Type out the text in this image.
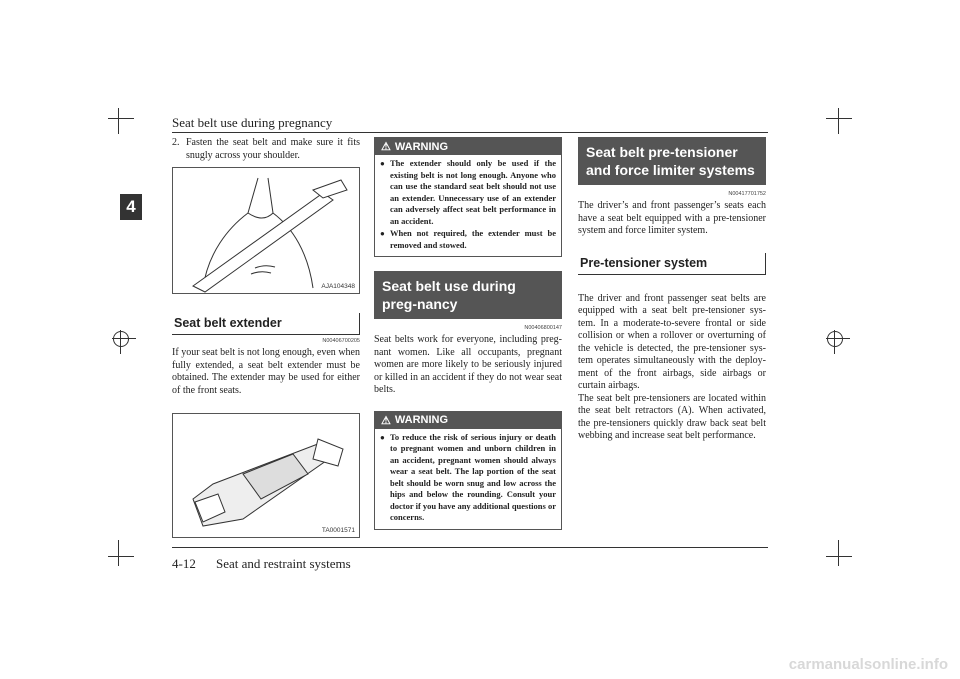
Seat belt use during pregnancy
4
2. Fasten the seat belt and make sure it fits snugly across your shoulder.
AJA104348
Seat belt extender
N00406700205

If your seat belt is not long enough, even when fully extended, a seat belt extender must be obtained. The extender may be used for either of the front seats.

TA0001571
⚠ WARNING
● The extender should only be used if the existing belt is not long enough. Anyone who can use the standard seat belt should not use an extender. Unnecessary use of an extender can adversely affect seat belt performance in an accident.
● When not required, the extender must be removed and stowed.
Seat belt use during preg-nancy
N00406800147

Seat belts work for everyone, including preg-nant women. Like all occupants, pregnant women are more likely to be seriously injured or killed in an accident if they do not wear seat belts.

⚠ WARNING
● To reduce the risk of serious injury or death to pregnant women and unborn children in an accident, pregnant women should always wear a seat belt. The lap portion of the seat belt should be worn snug and low across the hips and below the rounding. Consult your doctor if you have any additional questions or concerns.
Seat belt pre-tensioner and force limiter systems
N00417701752

The driver’s and front passenger’s seats each have a seat belt equipped with a pre-tensioner system and force limiter system.

Pre-tensioner system

The driver and front passenger seat belts are equipped with a seat belt pre-tensioner sys-tem. In a moderate-to-severe frontal or side collision or when a rollover or overturning of the vehicle is detected, the pre-tensioner sys-tem operates simultaneously with the deploy-ment of the front airbags, side airbags or curtain airbags.

The seat belt pre-tensioners are located within the seat belt retractors (A). When activated, the pre-tensioners quickly draw back seat belt webbing and increase seat belt performance.

4-12 Seat and restraint systems
carmanualsonline.info
